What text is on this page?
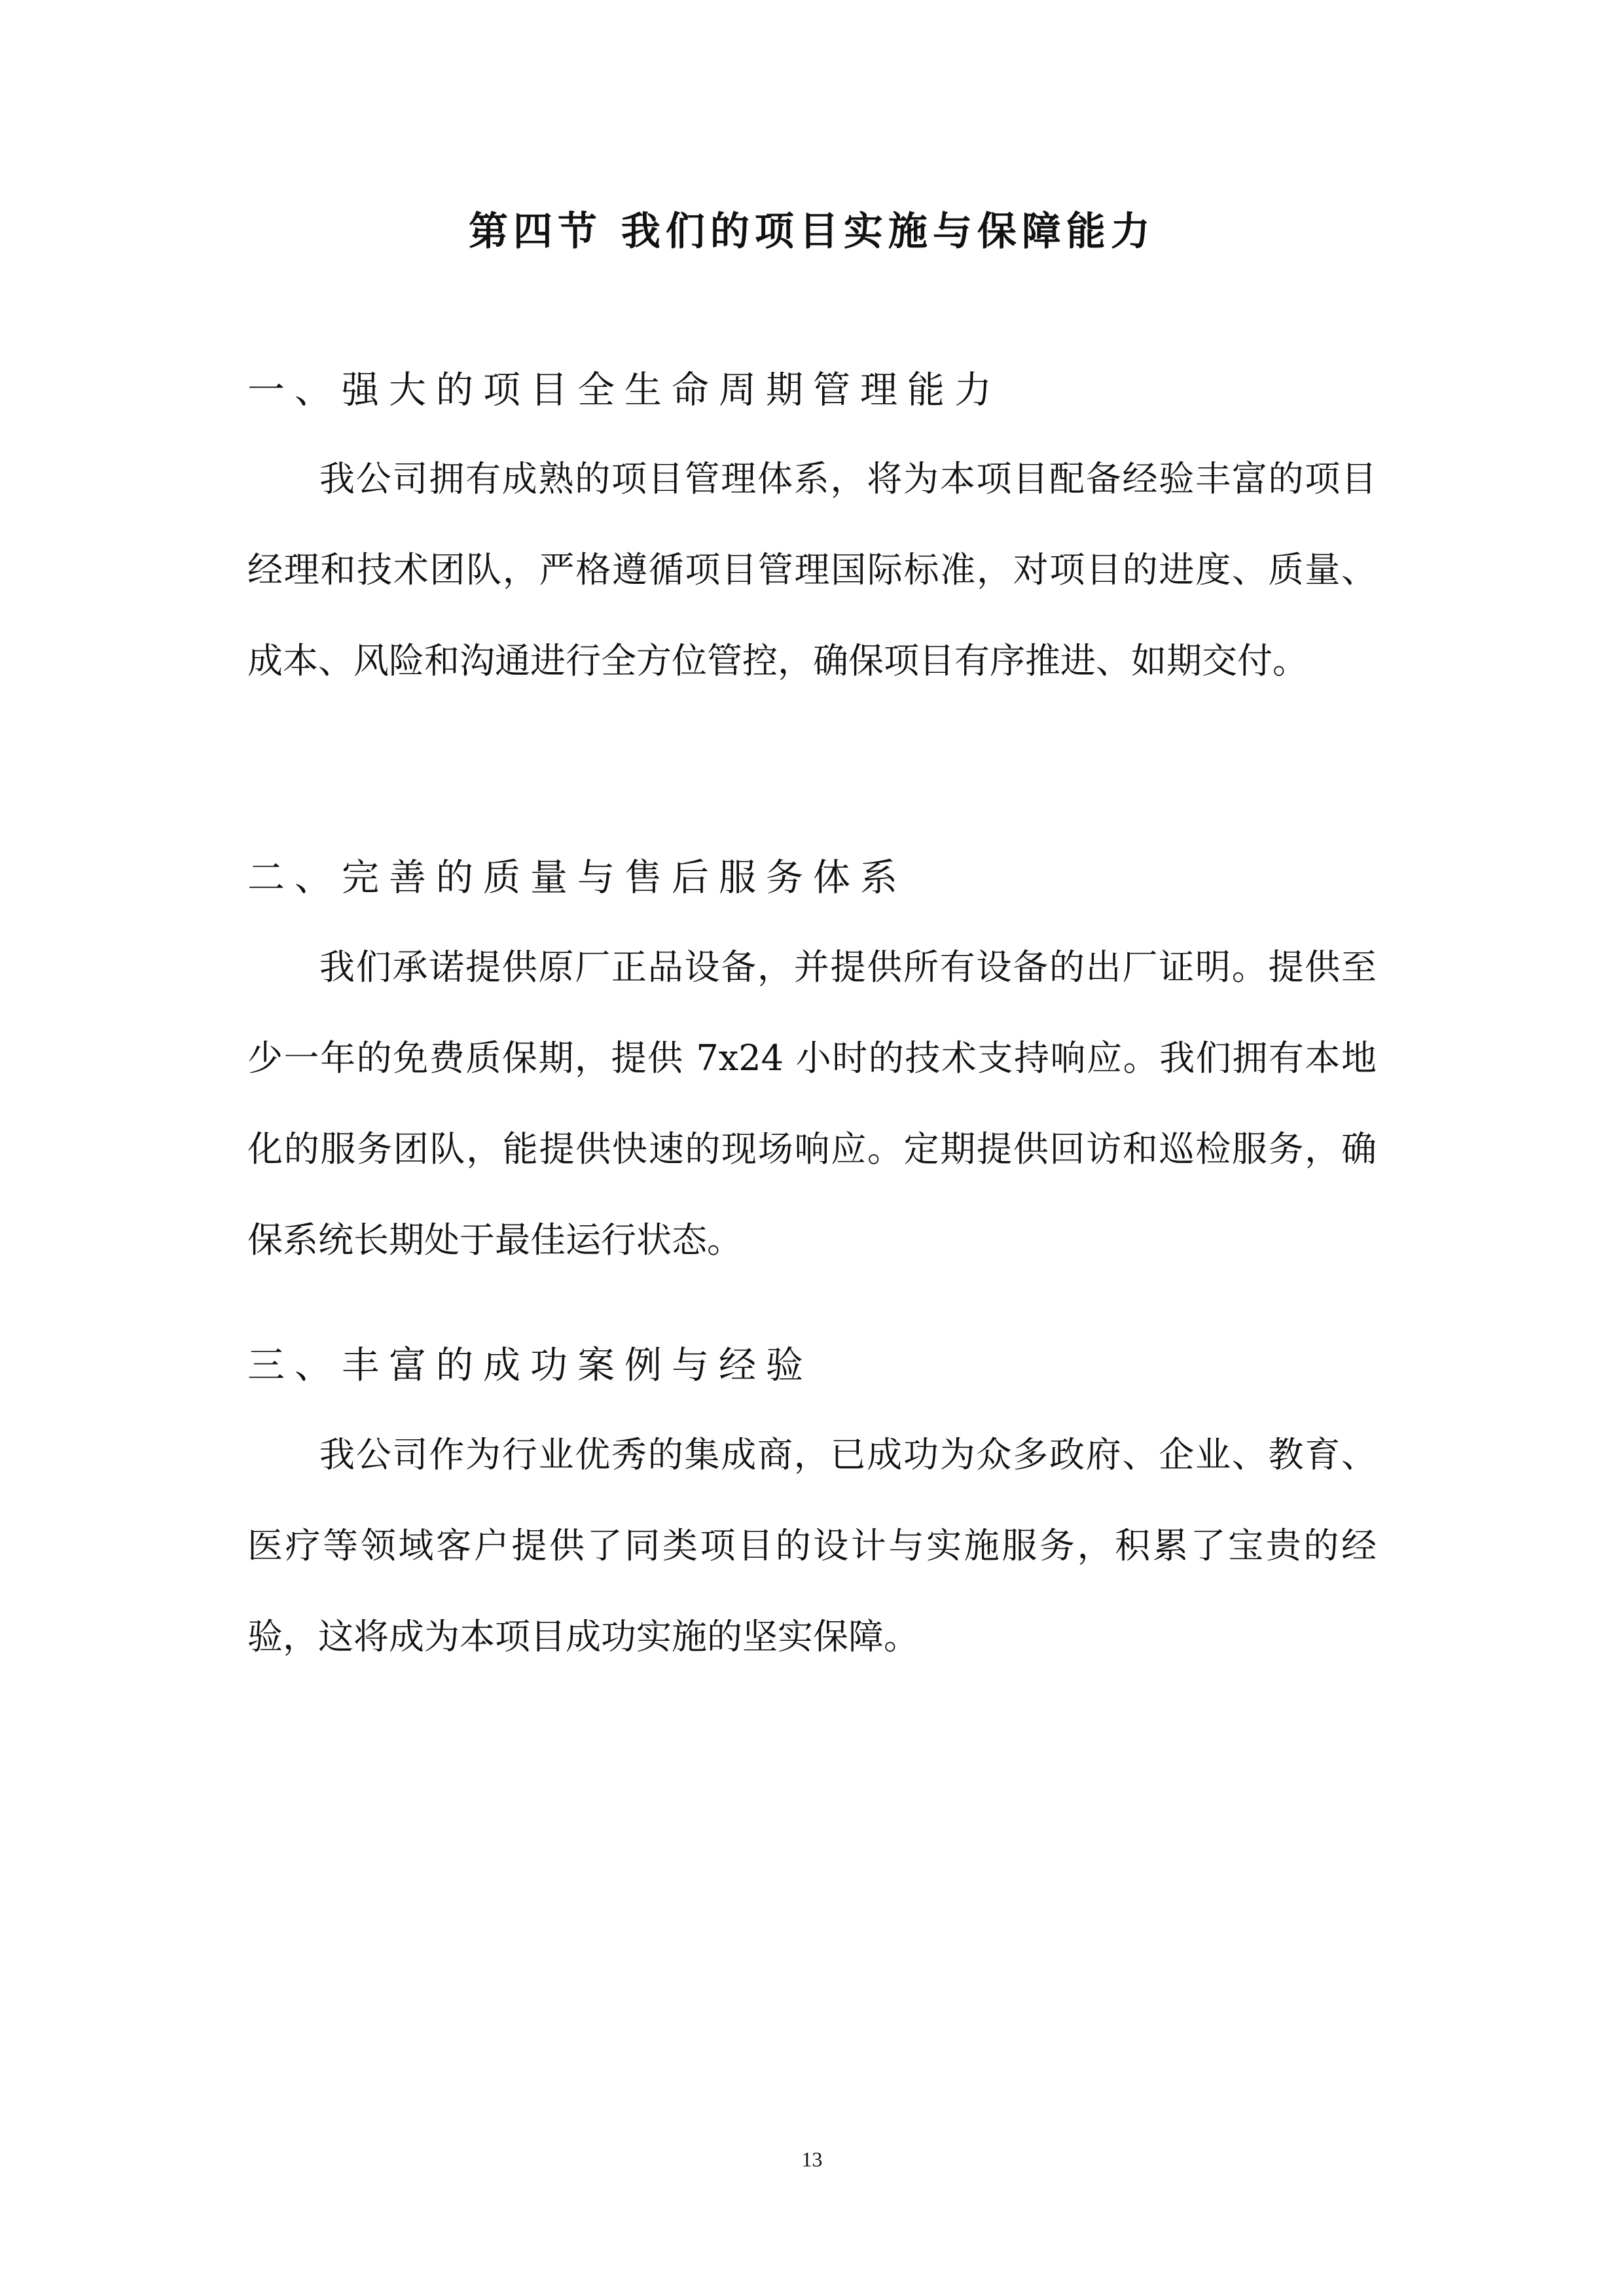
第四节 我们的项目实施与保障能力
一、强大的项目全生命周期管理能力

我公司拥有成熟的项目管理体系，将为本项目配备经验丰富的项目经理和技术团队，严格遵循项目管理国际标准，对项目的进度、质量、成本、风险和沟通进行全方位管控，确保项目有序推进、如期交付。

二、完善的质量与售后服务体系

我们承诺提供原厂正品设备，并提供所有设备的出厂证明。提供至少一年的免费质保期，提供 7x24 小时的技术支持响应。我们拥有本地化的服务团队，能提供快速的现场响应。定期提供回访和巡检服务，确保系统长期处于最佳运行状态。

三、丰富的成功案例与经验

我公司作为行业优秀的集成商，已成功为众多政府、企业、教育、医疗等领域客户提供了同类项目的设计与实施服务，积累了宝贵的经验，这将成为本项目成功实施的坚实保障。

13
